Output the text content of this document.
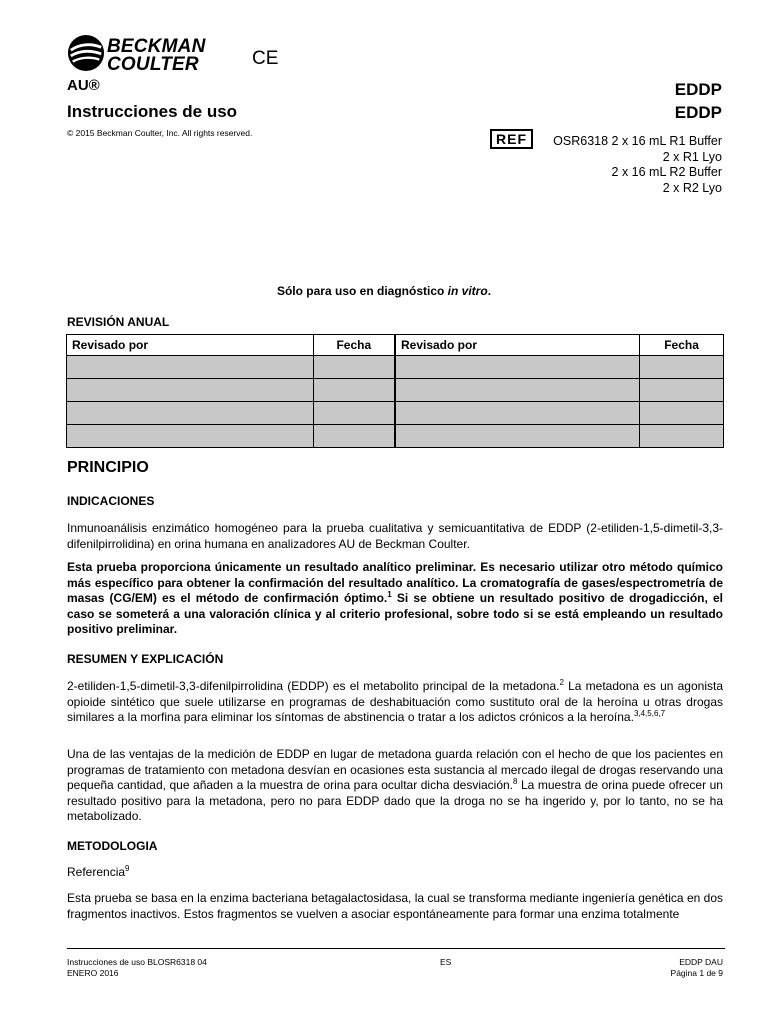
BECKMAN
COULTER	CE
AU®
Instrucciones de uso
© 2015 Beckman Coulter, Inc. All rights reserved.
EDDP
EDDP
REF	OSR6318 2 x 16 mL R1 Buffer
2 x R1 Lyo
2 x 16 mL R2 Buffer
2 x R2 Lyo
Sólo para uso en diagnóstico in vitro.
REVISIÓN ANUAL
Revisado por	Fecha	Revisado por	Fecha

PRINCIPIO
INDICACIONES
Inmunoanálisis enzimático homogéneo para la prueba cualitativa y semicuantitativa de EDDP (2-etiliden-1,5-dimetil-3,3-difenilpirrolidina) en orina humana en analizadores AU de Beckman Coulter.
Esta prueba proporciona únicamente un resultado analítico preliminar. Es necesario utilizar otro método químico más específico para obtener la confirmación del resultado analítico. La cromatografía de gases/espectrometría de masas (CG/EM) es el método de confirmación óptimo.$^1$ Si se obtiene un resultado positivo de drogadicción, el caso se someterá a una valoración clínica y al criterio profesional, sobre todo si se está empleando un resultado positivo preliminar.
RESUMEN Y EXPLICACIÓN
2-etiliden-1,5-dimetil-3,3-difenilpirrolidina (EDDP) es el metabolito principal de la metadona.$^2$ La metadona es un agonista opioide sintético que suele utilizarse en programas de deshabituación como sustituto oral de la heroína u otras drogas similares a la morfina para eliminar los síntomas de abstinencia o tratar a los adictos crónicos a la heroína.$^{3,4,5,6,7}$
Una de las ventajas de la medición de EDDP en lugar de metadona guarda relación con el hecho de que los pacientes en programas de tratamiento con metadona desvían en ocasiones esta sustancia al mercado ilegal de drogas reservando una pequeña cantidad, que añaden a la muestra de orina para ocultar dicha desviación.$^8$ La muestra de orina puede ofrecer un resultado positivo para la metadona, pero no para EDDP dado que la droga no se ha ingerido y, por lo tanto, no se ha metabolizado.
METODOLOGIA
Referencia$^9$
Esta prueba se basa en la enzima bacteriana betagalactosidasa, la cual se transforma mediante ingeniería genética en dos fragmentos inactivos. Estos fragmentos se vuelven a asociar espontáneamente para formar una enzima totalmente
Instrucciones de uso BLOSR6318 04
ENERO 2016
ES	EDDP DAU
Página 1 de 9
